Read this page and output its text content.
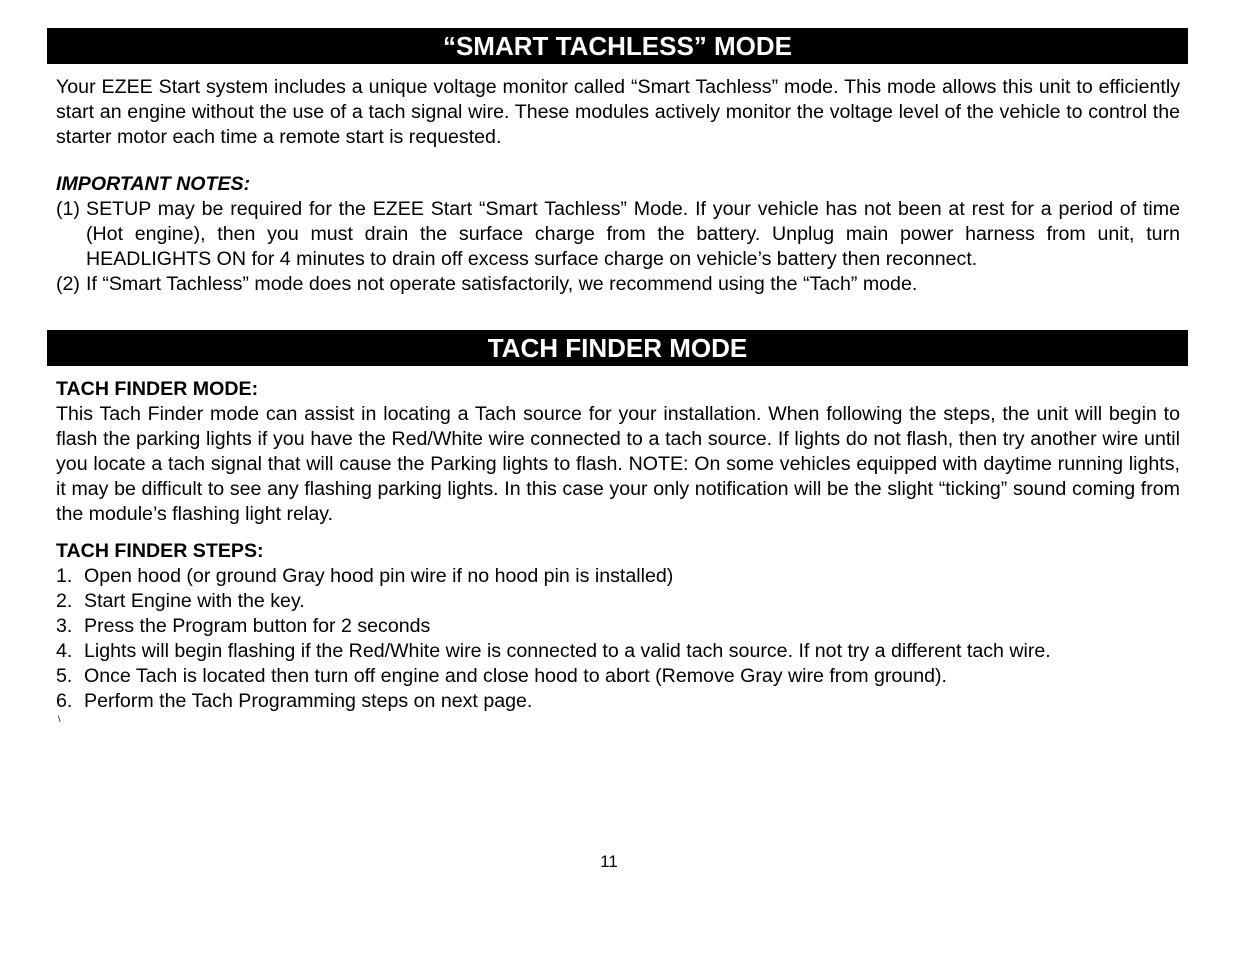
“SMART TACHLESS” MODE

Your EZEE Start system includes a unique voltage monitor called “Smart Tachless” mode. This mode allows this unit to efficiently start an engine without the use of a tach signal wire. These modules actively monitor the voltage level of the vehicle to control the starter motor each time a remote start is requested.

IMPORTANT NOTES:

(1) SETUP may be required for the EZEE Start “Smart Tachless” Mode. If your vehicle has not been at rest for a period of time (Hot engine), then you must drain the surface charge from the battery. Unplug main power harness from unit, turn HEADLIGHTS ON for 4 minutes to drain off excess surface charge on vehicle’s battery then reconnect.
(2) If “Smart Tachless” mode does not operate satisfactorily, we recommend using the “Tach” mode.
TACH FINDER MODE

TACH FINDER MODE:

This Tach Finder mode can assist in locating a Tach source for your installation. When following the steps, the unit will begin to flash the parking lights if you have the Red/White wire connected to a tach source. If lights do not flash, then try another wire until you locate a tach signal that will cause the Parking lights to flash. NOTE: On some vehicles equipped with daytime running lights, it may be difficult to see any flashing parking lights. In this case your only notification will be the slight “ticking” sound coming from the module’s flashing light relay.

TACH FINDER STEPS:

1. Open hood (or ground Gray hood pin wire if no hood pin is installed)
2. Start Engine with the key.
3. Press the Program button for 2 seconds
4. Lights will begin flashing if the Red/White wire is connected to a valid tach source. If not try a different tach wire.
5. Once Tach is located then turn off engine and close hood to abort (Remove Gray wire from ground).
6. Perform the Tach Programming steps on next page.
\
11
